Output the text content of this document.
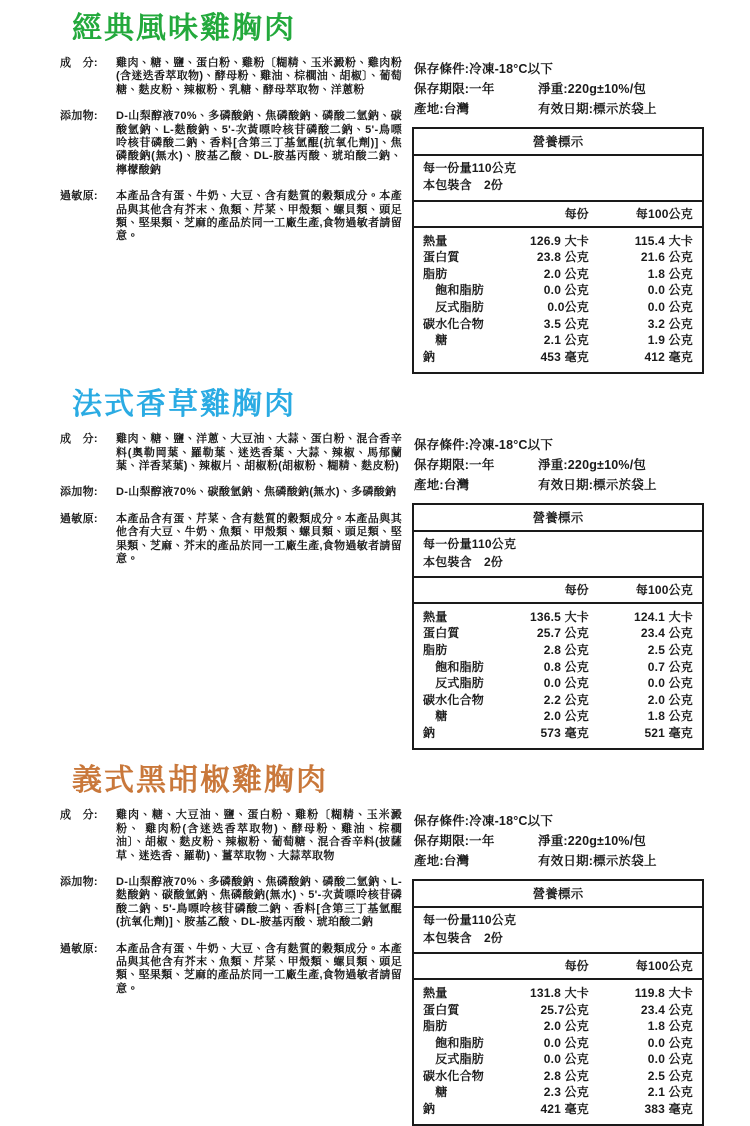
經典風味雞胸肉
成　分:	雞肉、糖、鹽、蛋白粉、雞粉〔糊精、玉米澱粉、雞肉粉(含迷迭香萃取物)、酵母粉、雞油、棕櫚油、胡椒〕、葡萄糖、麩皮粉、辣椒粉、乳糖、酵母萃取物、洋蔥粉
添加物:	D-山梨醇液70%、多磷酸鈉、焦磷酸鈉、磷酸二氫鈉、碳酸氫鈉、L-麩酸鈉、5'-次黃嘌呤核苷磷酸二鈉、5'-鳥嘌呤核苷磷酸二鈉、香料[含第三丁基氫醌(抗氧化劑)]、焦磷酸鈉(無水)、胺基乙酸、DL-胺基丙酸、琥珀酸二鈉、檸檬酸鈉
過敏原:	本產品含有蛋、牛奶、大豆、含有麩質的穀類成分。本產品與其他含有芥末、魚類、芹菜、甲殼類、螺貝類、頭足類、堅果類、芝麻的產品於同一工廠生產,食物過敏者請留意。
保存條件:冷凍-18°C以下
保存期限:一年	淨重:220g±10%/包
產地:台灣	有效日期:標示於袋上
營養標示
每一份量110公克
本包裝含　2份
每份	每100公克
熱量	126.9 大卡	115.4 大卡
蛋白質	23.8 公克	21.6 公克
脂肪	2.0 公克	1.8 公克
　飽和脂肪	0.0 公克	0.0 公克
　反式脂肪	0.0公克	0.0 公克
碳水化合物	3.5 公克	3.2 公克
　糖	2.1 公克	1.9 公克
鈉	453 毫克	412 毫克
法式香草雞胸肉
成　分:	雞肉、糖、鹽、洋蔥、大豆油、大蒜、蛋白粉、混合香辛料(奧勒岡葉、羅勒葉、迷迭香葉、大蒜、辣椒、馬郁蘭葉、洋香菜葉)、辣椒片、胡椒粉(胡椒粉、糊精、麩皮粉)
添加物:	D-山梨醇液70%、碳酸氫鈉、焦磷酸鈉(無水)、多磷酸鈉
過敏原:	本產品含有蛋、芹菜、含有麩質的穀類成分。本產品與其他含有大豆、牛奶、魚類、甲殼類、螺貝類、頭足類、堅果類、芝麻、芥末的產品於同一工廠生產,食物過敏者請留意。
保存條件:冷凍-18°C以下
保存期限:一年	淨重:220g±10%/包
產地:台灣	有效日期:標示於袋上
營養標示
每一份量110公克
本包裝含　2份
每份	每100公克
熱量	136.5 大卡	124.1 大卡
蛋白質	25.7 公克	23.4 公克
脂肪	2.8 公克	2.5 公克
　飽和脂肪	0.8 公克	0.7 公克
　反式脂肪	0.0 公克	0.0 公克
碳水化合物	2.2 公克	2.0 公克
　糖	2.0 公克	1.8 公克
鈉	573 毫克	521 毫克
義式黑胡椒雞胸肉
成　分:	雞肉、糖、大豆油、鹽、蛋白粉、雞粉〔糊精、玉米澱粉、 雞肉粉(含迷迭香萃取物)、酵母粉、雞油、棕櫚油〕、胡椒、麩皮粉、辣椒粉、葡萄糖、混合香辛料(披薩草、迷迭香、羅勒)、薑萃取物、大蒜萃取物
添加物:	D-山梨醇液70%、多磷酸鈉、焦磷酸鈉、磷酸二氫鈉、L-麩酸鈉、碳酸氫鈉、焦磷酸鈉(無水)、5'-次黃嘌呤核苷磷酸二鈉、5'-鳥嘌呤核苷磷酸二鈉、香料[含第三丁基氫醌(抗氧化劑)]、胺基乙酸、DL-胺基丙酸、琥珀酸二鈉
過敏原:	本產品含有蛋、牛奶、大豆、含有麩質的穀類成分。本產品與其他含有芥末、魚類、芹菜、甲殼類、螺貝類、頭足類、堅果類、芝麻的產品於同一工廠生產,食物過敏者請留意。
保存條件:冷凍-18°C以下
保存期限:一年	淨重:220g±10%/包
產地:台灣	有效日期:標示於袋上
營養標示
每一份量110公克
本包裝含　2份
每份	每100公克
熱量	131.8 大卡	119.8 大卡
蛋白質	25.7公克	23.4 公克
脂肪	2.0 公克	1.8 公克
　飽和脂肪	0.0 公克	0.0 公克
　反式脂肪	0.0 公克	0.0 公克
碳水化合物	2.8 公克	2.5 公克
　糖	2.3 公克	2.1 公克
鈉	421 毫克	383 毫克
